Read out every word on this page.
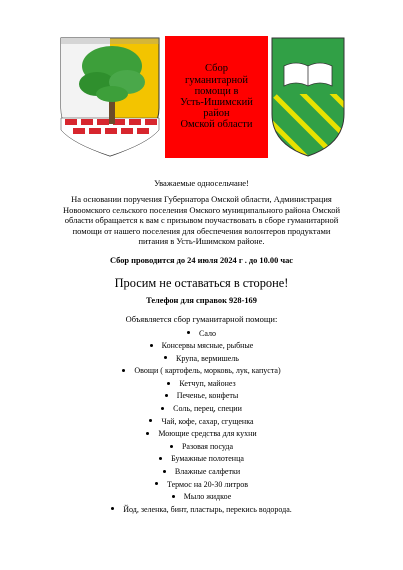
Сбор
гуманитарной
помощи в
Усть-Ишимский
район
Омской области

Уважаемые односельчане!

На основании поручения Губернатора Омской области, Администрация
Новоомского сельского поселения Омского муниципального района Омской
области обращается к вам с призывом поучаствовать в сборе гуманитарной
помощи от нашего поселения для обеспечения волонтеров продуктами
питания в Усть-Ишимском районе.

Сбор проводится до 24 июля 2024 г . до 10.00 час

Просим не оставаться в стороне!

Телефон для справок 928-169

Объявляется сбор гуманитарной помощи:

Сало
Консервы мясные, рыбные
Крупа, вермишель
Овощи ( картофель, морковь, лук, капуста)
Кетчуп, майонез
Печенье, конфеты
Соль, перец, специи
Чай, кофе, сахар, сгущенка
Моющие средства для кухни
Разовая посуда
Бумажные полотенца
Влажные салфетки
Термос на 20-30 литров
Мыло жидкое
Йод, зеленка, бинт, пластырь, перекись водорода.
